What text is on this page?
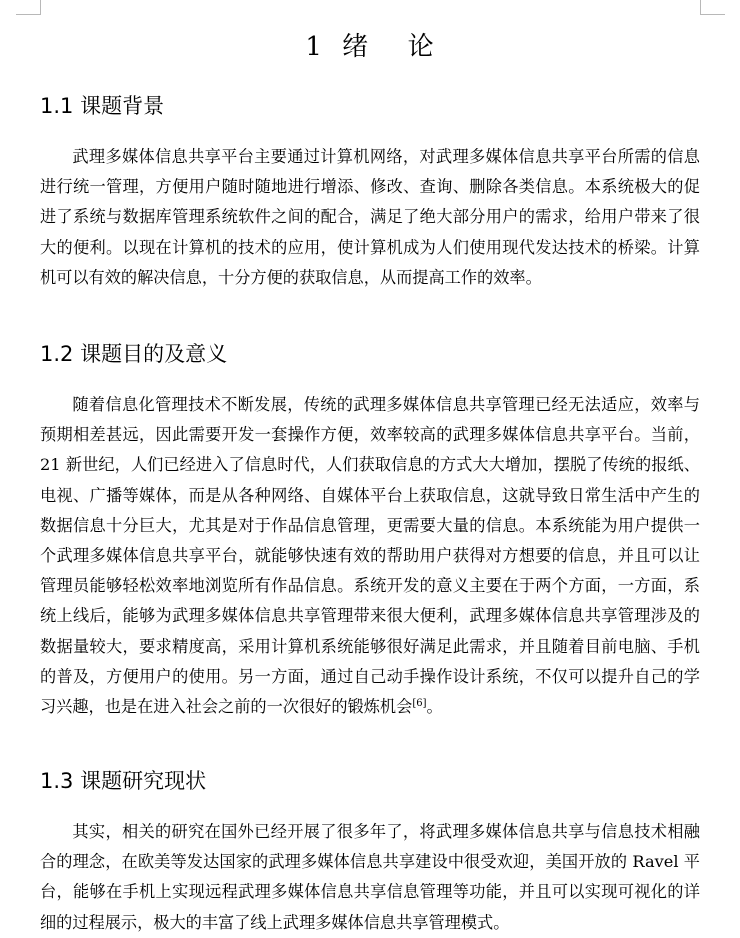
1 绪  论
1.1 课题背景

武理多媒体信息共享平台主要通过计算机网络，对武理多媒体信息共享平台所需的信息进行统一管理，方便用户随时随地进行增添、修改、查询、删除各类信息。本系统极大的促进了系统与数据库管理系统软件之间的配合，满足了绝大部分用户的需求，给用户带来了很大的便利。以现在计算机的技术的应用，使计算机成为人们使用现代发达技术的桥梁。计算机可以有效的解决信息，十分方便的获取信息，从而提高工作的效率。

1.2 课题目的及意义

随着信息化管理技术不断发展，传统的武理多媒体信息共享管理已经无法适应，效率与预期相差甚远，因此需要开发一套操作方便，效率较高的武理多媒体信息共享平台。当前，21 新世纪，人们已经进入了信息时代，人们获取信息的方式大大增加，摆脱了传统的报纸、电视、广播等媒体，而是从各种网络、自媒体平台上获取信息，这就导致日常生活中产生的数据信息十分巨大，尤其是对于作品信息管理，更需要大量的信息。本系统能为用户提供一个武理多媒体信息共享平台，就能够快速有效的帮助用户获得对方想要的信息，并且可以让管理员能够轻松效率地浏览所有作品信息。系统开发的意义主要在于两个方面，一方面，系统上线后，能够为武理多媒体信息共享管理带来很大便利，武理多媒体信息共享管理涉及的数据量较大，要求精度高，采用计算机系统能够很好满足此需求，并且随着目前电脑、手机的普及，方便用户的使用。另一方面，通过自己动手操作设计系统，不仅可以提升自己的学习兴趣，也是在进入社会之前的一次很好的锻炼机会[6]。

1.3 课题研究现状

其实，相关的研究在国外已经开展了很多年了，将武理多媒体信息共享与信息技术相融合的理念，在欧美等发达国家的武理多媒体信息共享建设中很受欢迎，美国开放的 Ravel 平台，能够在手机上实现远程武理多媒体信息共享信息管理等功能，并且可以实现可视化的详细的过程展示，极大的丰富了线上武理多媒体信息共享管理模式。
